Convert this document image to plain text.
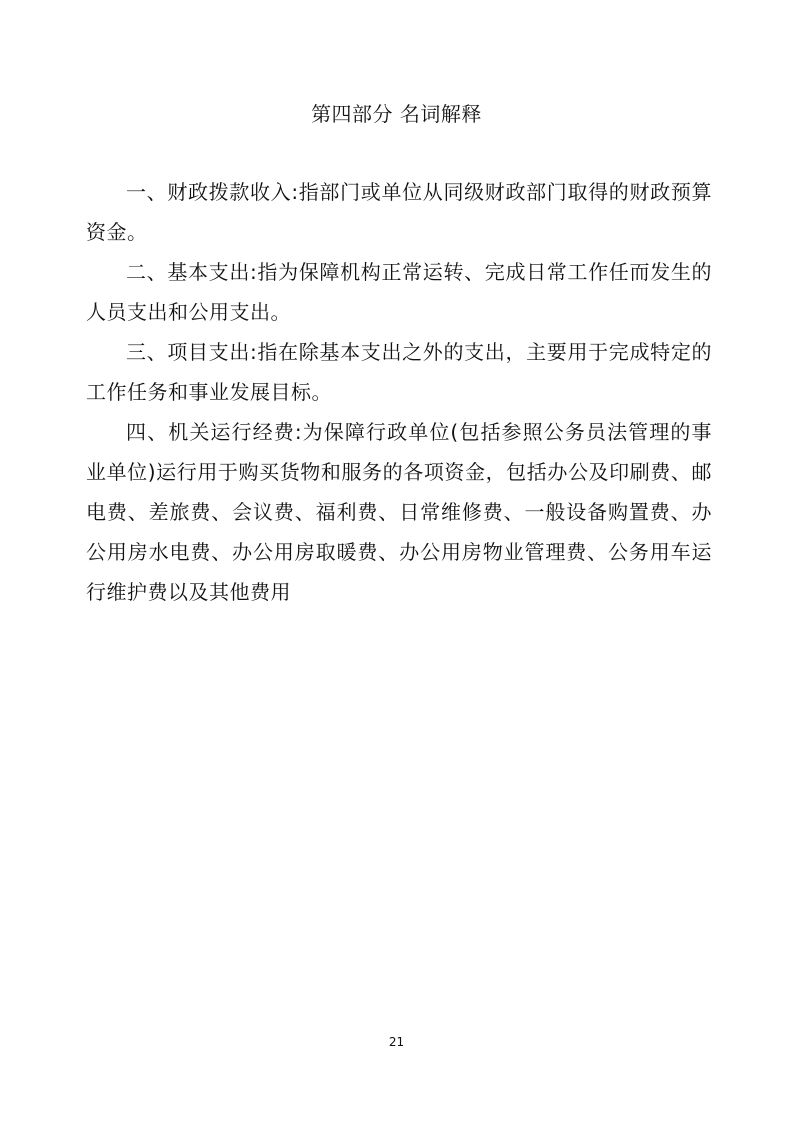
第四部分 名词解释

一、财政拨款收入:指部门或单位从同级财政部门取得的财政预算资金。

二、基本支出:指为保障机构正常运转、完成日常工作任而发生的人员支出和公用支出。

三、项目支出:指在除基本支出之外的支出，主要用于完成特定的工作任务和事业发展目标。

四、机关运行经费:为保障行政单位(包括参照公务员法管理的事业单位)运行用于购买货物和服务的各项资金，包括办公及印刷费、邮电费、差旅费、会议费、福利费、日常维修费、一般设备购置费、办公用房水电费、办公用房取暖费、办公用房物业管理费、公务用车运行维护费以及其他费用

21
